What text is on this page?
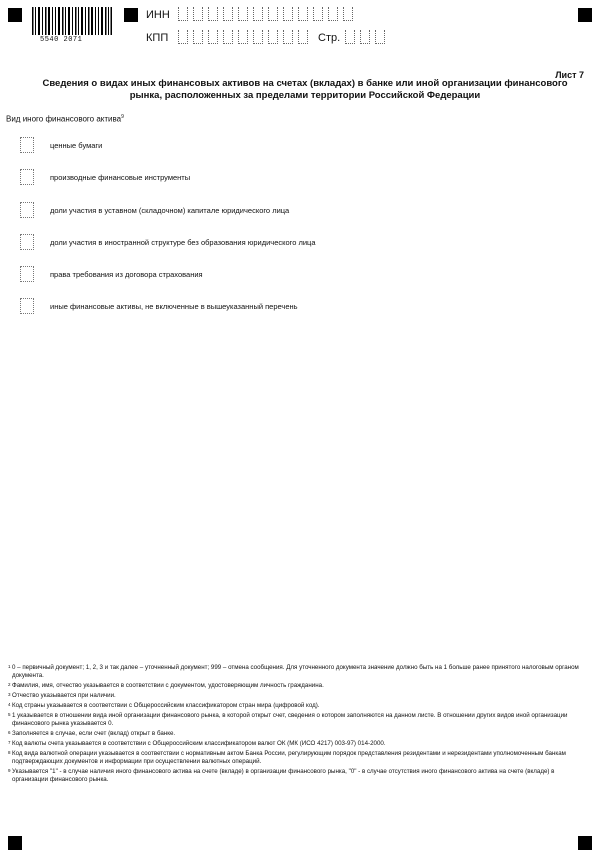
5540 2071
ИНН
КПП	Стр.
Лист 7
Сведения о видах иных финансовых активов на счетах (вкладах) в банке или иной организации финансового рынка, расположенных за пределами территории Российской Федерации
Вид иного финансового актива$^9$
ценные бумаги
производные финансовые инструменты
доли участия в уставном (складочном) капитале юридического лица
доли участия в иностранной структуре без образования юридического лица
права требования из договора страхования
иные финансовые активы, не включенные в вышеуказанный перечень
1 0 – первичный документ; 1, 2, 3 и так далее – уточненный документ; 999 – отмена сообщения. Для уточненного документа значение должно быть на 1 больше ранее принятого налоговым органом документа.
2 Фамилия, имя, отчество указывается в соответствии с документом, удостоверяющим личность гражданина.
3 Отчество указывается при наличии.
4 Код страны указывается в соответствии с Общероссийским классификатором стран мира (цифровой код).
5 1 указывается в отношении вида иной организации финансового рынка, в которой открыт счет, сведения о котором заполняются на данном листе. В отношении других видов иной организации финансового рынка указывается 0.
6 Заполняется в случае, если счет (вклад) открыт в банке.
7 Код валюты счета указывается в соответствии с Общероссийским классификатором валют ОК (МК (ИСО 4217) 003-97) 014-2000.
8 Код вида валютной операции указывается в соответствии с нормативным актом Банка России, регулирующим порядок представления резидентами и нерезидентами уполномоченным банкам подтверждающих документов и информации при осуществлении валютных операций.
9 Указывается "1" - в случае наличия иного финансового актива на счете (вкладе) в организации финансового рынка, "0" - в случае отсутствия иного финансового актива на счете (вкладе) в организации финансового рынка.
